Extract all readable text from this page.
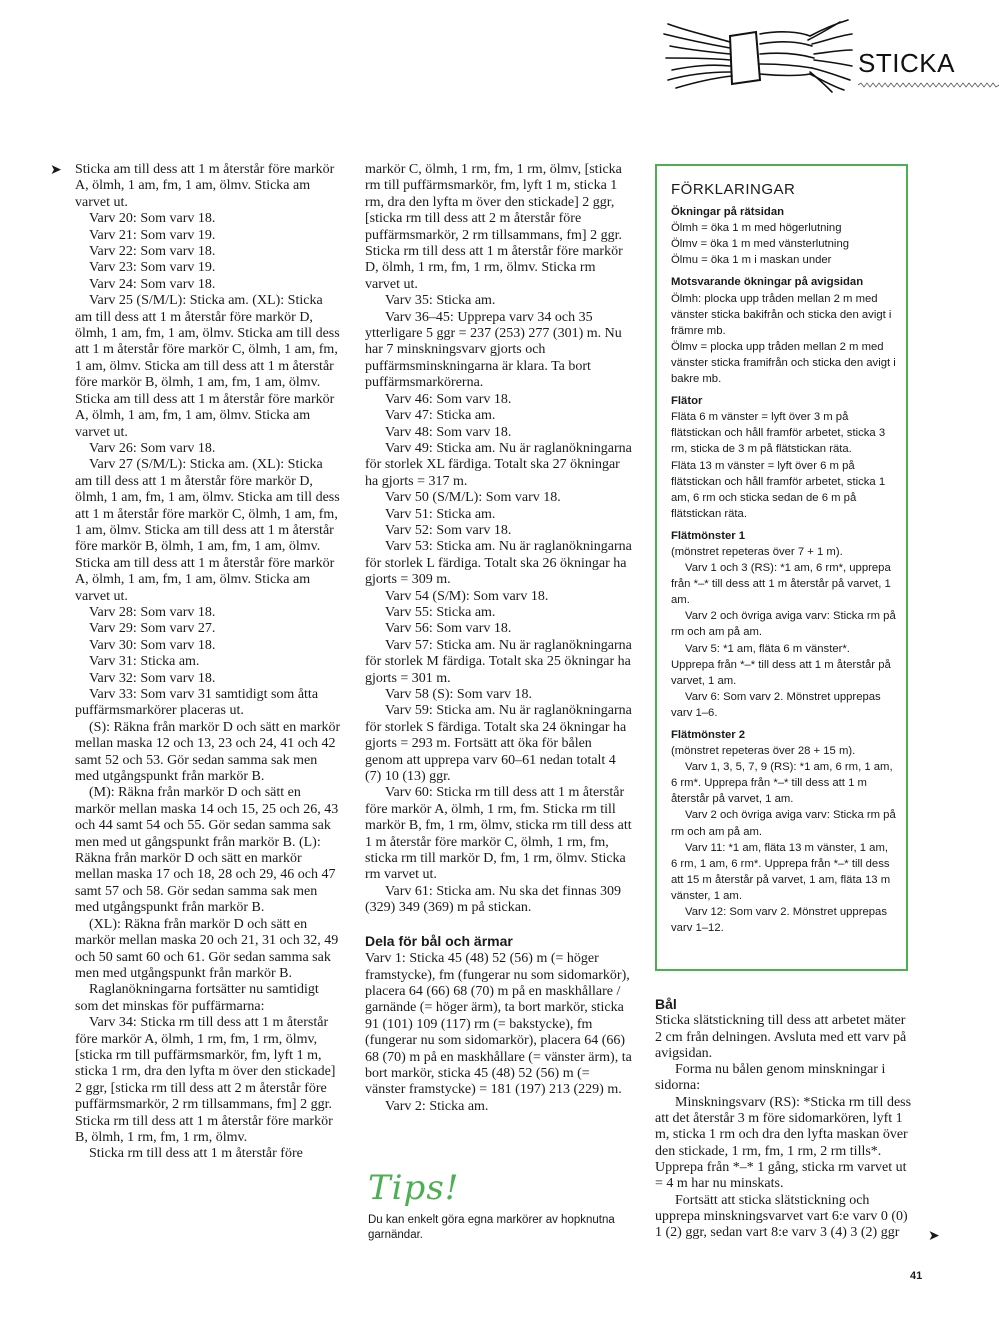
STICKA
➤ Sticka am till dess att 1 m återstår före markör A, ölmh, 1 am, fm, 1 am, ölmv. Sticka am varvet ut.

Varv 20: Som varv 18.

Varv 21: Som varv 19.

Varv 22: Som varv 18.

Varv 23: Som varv 19.

Varv 24: Som varv 18.

Varv 25 (S/M/L): Sticka am. (XL): Sticka am till dess att 1 m återstår före markör D, ölmh, 1 am, fm, 1 am, ölmv. Sticka am till dess att 1 m återstår före markör C, ölmh, 1 am, fm, 1 am, ölmv. Sticka am till dess att 1 m återstår före markör B, ölmh, 1 am, fm, 1 am, ölmv. Sticka am till dess att 1 m återstår före markör A, ölmh, 1 am, fm, 1 am, ölmv. Sticka am varvet ut.

Varv 26: Som varv 18.

Varv 27 (S/M/L): Sticka am. (XL): Sticka am till dess att 1 m återstår före markör D, ölmh, 1 am, fm, 1 am, ölmv. Sticka am till dess att 1 m återstår före markör C, ölmh, 1 am, fm, 1 am, ölmv. Sticka am till dess att 1 m återstår före markör B, ölmh, 1 am, fm, 1 am, ölmv. Sticka am till dess att 1 m återstår före markör A, ölmh, 1 am, fm, 1 am, ölmv. Sticka am varvet ut.

Varv 28: Som varv 18.

Varv 29: Som varv 27.

Varv 30: Som varv 18.

Varv 31: Sticka am.

Varv 32: Som varv 18.

Varv 33: Som varv 31 samtidigt som åtta puffärmsmarkörer placeras ut.

(S): Räkna från markör D och sätt en markör mellan maska 12 och 13, 23 och 24, 41 och 42 samt 52 och 53. Gör sedan samma sak men med utgångspunkt från markör B.

(M): Räkna från markör D och sätt en markör mellan maska 14 och 15, 25 och 26, 43 och 44 samt 54 och 55. Gör sedan samma sak men med ut gångspunkt från markör B. (L): Räkna från markör D och sätt en markör mellan maska 17 och 18, 28 och 29, 46 och 47 samt 57 och 58. Gör sedan samma sak men med utgångspunkt från markör B.

(XL): Räkna från markör D och sätt en markör mellan maska 20 och 21, 31 och 32, 49 och 50 samt 60 och 61. Gör sedan samma sak men med utgångspunkt från markör B.

Raglanökningarna fortsätter nu samtidigt som det minskas för puffärmarna:

Varv 34: Sticka rm till dess att 1 m återstår före markör A, ölmh, 1 rm, fm, 1 rm, ölmv, [sticka rm till puffärmsmarkör, fm, lyft 1 m, sticka 1 rm, dra den lyfta m över den stickade] 2 ggr, [sticka rm till dess att 2 m återstår före puffärmsmarkör, 2 rm tillsammans, fm] 2 ggr. Sticka rm till dess att 1 m återstår före markör B, ölmh, 1 rm, fm, 1 rm, ölmv.

Sticka rm till dess att 1 m återstår före

markör C, ölmh, 1 rm, fm, 1 rm, ölmv, [sticka rm till puffärmsmarkör, fm, lyft 1 m, sticka 1 rm, dra den lyfta m över den stickade] 2 ggr, [sticka rm till dess att 2 m återstår före puffärmsmarkör, 2 rm tillsammans, fm] 2 ggr. Sticka rm till dess att 1 m återstår före markör D, ölmh, 1 rm, fm, 1 rm, ölmv. Sticka rm varvet ut.

Varv 35: Sticka am.

Varv 36–45: Upprepa varv 34 och 35 ytterligare 5 ggr = 237 (253) 277 (301) m. Nu har 7 minskningsvarv gjorts och puffärmsminskningarna är klara. Ta bort puffärmsmarkörerna.

Varv 46: Som varv 18.

Varv 47: Sticka am.

Varv 48: Som varv 18.

Varv 49: Sticka am. Nu är raglanökningarna för storlek XL färdiga. Totalt ska 27 ökningar ha gjorts = 317 m.

Varv 50 (S/M/L): Som varv 18.

Varv 51: Sticka am.

Varv 52: Som varv 18.

Varv 53: Sticka am. Nu är raglanökningarna för storlek L färdiga. Totalt ska 26 ökningar ha gjorts = 309 m.

Varv 54 (S/M): Som varv 18.

Varv 55: Sticka am.

Varv 56: Som varv 18.

Varv 57: Sticka am. Nu är raglanökningarna för storlek M färdiga. Totalt ska 25 ökningar ha gjorts = 301 m.

Varv 58 (S): Som varv 18.

Varv 59: Sticka am. Nu är raglanökningarna för storlek S färdiga. Totalt ska 24 ökningar ha gjorts = 293 m. Fortsätt att öka för bålen genom att upprepa varv 60–61 nedan totalt 4 (7) 10 (13) ggr.

Varv 60: Sticka rm till dess att 1 m återstår före markör A, ölmh, 1 rm, fm. Sticka rm till markör B, fm, 1 rm, ölmv, sticka rm till dess att 1 m återstår före markör C, ölmh, 1 rm, fm, sticka rm till markör D, fm, 1 rm, ölmv. Sticka rm varvet ut.

Varv 61: Sticka am. Nu ska det finnas 309 (329) 349 (369) m på stickan.

Dela för bål och ärmar

Varv 1: Sticka 45 (48) 52 (56) m (= höger framstycke), fm (fungerar nu som sidomarkör), placera 64 (66) 68 (70) m på en maskhållare / garnände (= höger ärm), ta bort markör, sticka 91 (101) 109 (117) rm (= bakstycke), fm (fungerar nu som sidomarkör), placera 64 (66) 68 (70) m på en maskhållare (= vänster ärm), ta bort markör, sticka 45 (48) 52 (56) m (= vänster framstycke) = 181 (197) 213 (229) m.

Varv 2: Sticka am.

Tips!
Du kan enkelt göra egna markörer av hopknutna garnändar.
FÖRKLARINGAR
Ökningar på rätsidan

Ölmh = öka 1 m med högerlutning

Ölmv = öka 1 m med vänsterlutning

Ölmu = öka 1 m i maskan under

Motsvarande ökningar på avigsidan

Ölmh: plocka upp tråden mellan 2 m med vänster sticka bakifrån och sticka den avigt i främre mb.

Ölmv = plocka upp tråden mellan 2 m med vänster sticka framifrån och sticka den avigt i bakre mb.

Flätor

Fläta 6 m vänster = lyft över 3 m på flätstickan och håll framför arbetet, sticka 3 rm, sticka de 3 m på flätstickan räta.

Fläta 13 m vänster = lyft över 6 m på flätstickan och håll framför arbetet, sticka 1 am, 6 rm och sticka sedan de 6 m på flätstickan räta.

Flätmönster 1

(mönstret repeteras över 7 + 1 m).

Varv 1 och 3 (RS): *1 am, 6 rm*, upprepa från *–* till dess att 1 m återstår på varvet, 1 am.

Varv 2 och övriga aviga varv: Sticka rm på rm och am på am.

Varv 5: *1 am, fläta 6 m vänster*. Upprepa från *–* till dess att 1 m återstår på varvet, 1 am.

Varv 6: Som varv 2. Mönstret upprepas varv 1–6.

Flätmönster 2

(mönstret repeteras över 28 + 15 m).

Varv 1, 3, 5, 7, 9 (RS): *1 am, 6 rm, 1 am, 6 rm*. Upprepa från *–* till dess att 1 m återstår på varvet, 1 am.

Varv 2 och övriga aviga varv: Sticka rm på rm och am på am.

Varv 11: *1 am, fläta 13 m vänster, 1 am, 6 rm, 1 am, 6 rm*. Upprepa från *–* till dess att 15 m återstår på varvet, 1 am, fläta 13 m vänster, 1 am.

Varv 12: Som varv 2. Mönstret upprepas varv 1–12.

Bål

Sticka slätstickning till dess att arbetet mäter 2 cm från delningen. Avsluta med ett varv på avigsidan.

Forma nu bålen genom minskningar i sidorna:

Minskningsvarv (RS): *Sticka rm till dess att det återstår 3 m före sidomarkören, lyft 1 m, sticka 1 rm och dra den lyfta maskan över den stickade, 1 rm, fm, 1 rm, 2 rm tills*. Upprepa från *–* 1 gång, sticka rm varvet ut = 4 m har nu minskats.

Fortsätt att sticka slätstickning och upprepa minskningsvarvet vart 6:e varv 0 (0) 1 (2) ggr, sedan vart 8:e varv 3 (4) 3 (2) ggr	➤
41
